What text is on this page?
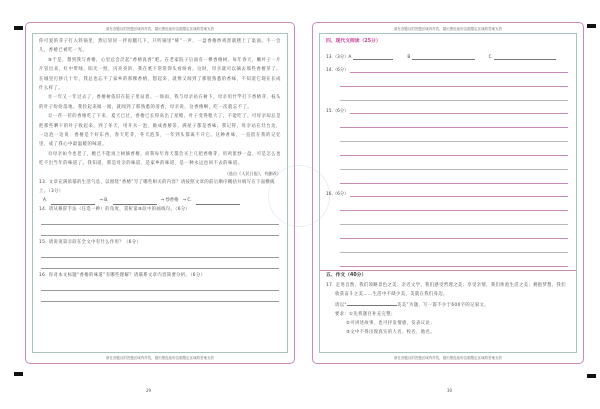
请在各题目的答题区域内作答，超出黑色矩形边框限定区域的答案无效

你可爱的芽子打入铁锅里，然后轻轻一拌再翻几下，只听锅里“哧”一声，一盘香椿炒鸡蛋就摆上了桌面。不一会儿，香椿已被吃一光。

⑩于是，想到我与香椿，心里总会泛起“香椿真香”吧。在老家院子后面有一棵香椿树，每年春天，嫩叶子一片片冒出来，红中带绿，阳光一照，闪亮亮的，我在底下常常仰头看呀看。这时，母亲就可以摘去那些香椿芽了。在城里打拼几十年，我总也忘不了家乡的那棵香椿，想起来，就像又闻到了那股熟悉的香味，不知道它现在长成什么样了。

⑪一年又一年过去了，香椿树依旧在院子里站着。一场雨，我与母亲站在树下，母亲用竹竿打下香椿芽，枝头的叶子纷纷落地。我捡起来闻一闻，就闻到了那熟悉的清香，母亲说，这香椿啊，吃一次就忘不了。

⑫一茬一茬的香椿吃了下来，夏天已过，香椿已长得高出了屋檐，叶子变得粗大了，不能吃了。可母亲却总是把那些晒干的叶子收起来，到了冬天，用开水一泡，做成香椿茶，满屋子都是香味。我记得，母亲站在灶台边，一边泡一边说：香椿是个好东西，春天吃芽，冬天泡茶，一年到头都离不开它。这种香味，一直留在我的记忆里，成了我心中最温暖的味道。

⑬母亲如今也老了，她已不能再上树摘香椿，而我每年春天都会买上几把香椿芽，用鸡蛋炒一盘，可是怎么也吃不出当年的味道了。我知道，那是母亲的味道，是家乡的味道，是一种永远也回不去的味道。

（选自《人民日报》，有删改）
13. 文章充满浓郁的生活气息，以围绕“香椿”写了哪些相关的内容？请按照文章的前后顺序概括并填写在下面横线上。（3分）
A.	→ B.	→ 炒香椿 → C.
14. 请从修辞手法（任选一种）的角度，赏析第⑩段中的画线句。（6分）
15. 请说说第⑫段在全文中有什么作用？（6分）
16. 你对本文标题“香椿的味道”有哪些理解？请联系文章内容简要分析。（6分）
请在各题目的答题区域内作答，超出黑色矩形边框限定区域的答案无效
29
请在各题目的答题区域内作答，超出黑色矩形边框限定区域的答案无效
四、现代文阅读（25分）
13.（3分）A	B	C
14.（6分）
15.（6分）
16.（6分）
五、作文（40分）
17. 走进自然，我们领略景色之美；亲近文学，我们感受哲理之美；享受亲情，我们体验生活之美；拥抱梦想，我们
收获奋斗之美……生活中不缺少美，美就在我们身边。
请以“	美美”为题，写一篇不少于600字的记叙文。
要求：①先将题目补充完整；
②可讲述故事，也可抒发情感，发表议论；
③文中不得出现真实的人名、校名、地名。
请在各题目的答题区域内作答，超出黑色矩形边框限定区域的答案无效
30
